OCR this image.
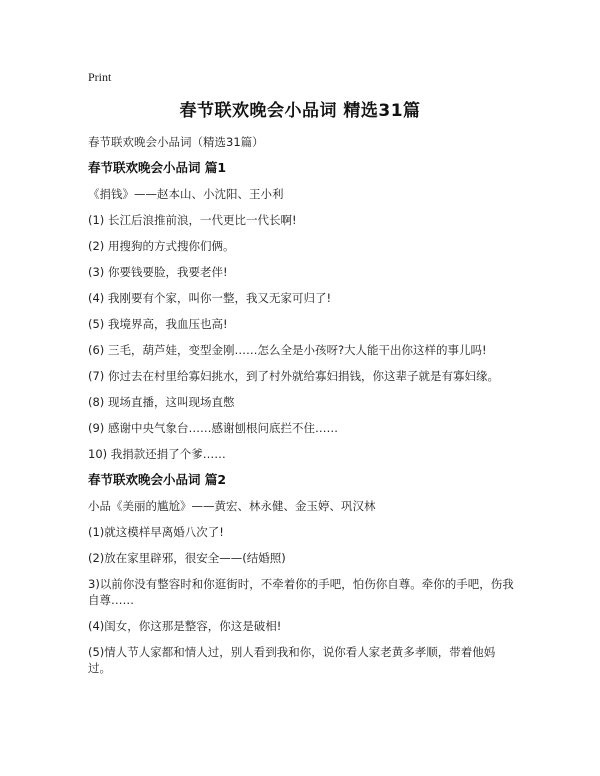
Print
春节联欢晚会小品词 精选31篇
春节联欢晚会小品词（精选31篇）
春节联欢晚会小品词 篇1
《捐钱》——赵本山、小沈阳、王小利
(1) 长江后浪推前浪，一代更比一代长啊!
(2) 用搜狗的方式搜你们俩。
(3) 你要钱要脸，我要老伴!
(4) 我刚要有个家，叫你一整，我又无家可归了!
(5) 我境界高，我血压也高!
(6) 三毛，葫芦娃，变型金刚……怎么全是小孩呀?大人能干出你这样的事儿吗!
(7) 你过去在村里给寡妇挑水，到了村外就给寡妇捐钱，你这辈子就是有寡妇缘。
(8) 现场直播，这叫现场直憋
(9) 感谢中央气象台……感谢刨根问底拦不住……
10) 我捐款还捐了个爹……
春节联欢晚会小品词 篇2
小品《美丽的尴尬》——黄宏、林永健、金玉婷、巩汉林
(1)就这模样早离婚八次了!
(2)放在家里辟邪，很安全——(结婚照)
3)以前你没有整容时和你逛街时，不牵着你的手吧，怕伤你自尊。牵你的手吧，伤我自尊……
(4)闺女，你这那是整容，你这是破相!
(5)情人节人家都和情人过，别人看到我和你，说你看人家老黄多孝顺，带着他妈过。
